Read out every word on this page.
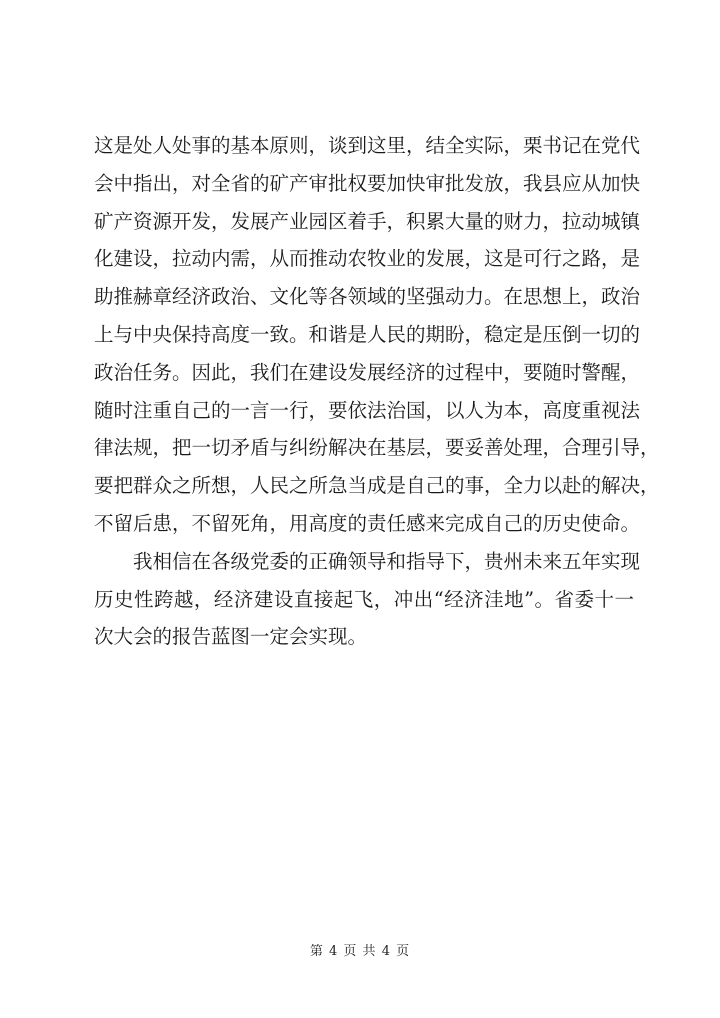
这是处人处事的基本原则，谈到这里，结全实际，栗书记在党代
会中指出，对全省的矿产审批权要加快审批发放，我县应从加快
矿产资源开发，发展产业园区着手，积累大量的财力，拉动城镇
化建设，拉动内需，从而推动农牧业的发展，这是可行之路，是
助推赫章经济政治、文化等各领域的坚强动力。在思想上，政治
上与中央保持高度一致。和谐是人民的期盼，稳定是压倒一切的
政治任务。因此，我们在建设发展经济的过程中，要随时警醒，
随时注重自己的一言一行，要依法治国，以人为本，高度重视法
律法规，把一切矛盾与纠纷解决在基层，要妥善处理，合理引导，
要把群众之所想，人民之所急当成是自己的事，全力以赴的解决，
不留后患，不留死角，用高度的责任感来完成自己的历史使命。
我相信在各级党委的正确领导和指导下，贵州未来五年实现
历史性跨越，经济建设直接起飞，冲出“经济洼地”。省委十一
次大会的报告蓝图一定会实现。
第 4 页 共 4 页
